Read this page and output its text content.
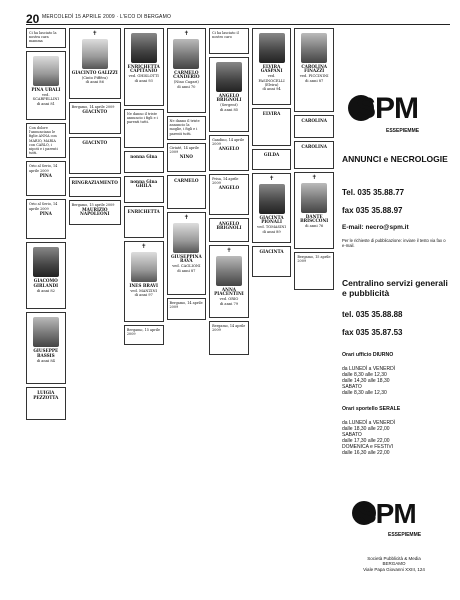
20 MERCOLEDÌ 15 APRILE 2009 · L'ECO DI BERGAMO

Ci ha lasciato la nostra cara mamma

PINA UBALI
ved. SCARPELLINI
di anni 81

Con dolore l'annunciano le figlie ANNA con MARIO, MARIA con CARLO, i nipoti e i parenti tutti.

Orio al Serio, 14 aprile 2009

PINA

Orio al Serio, 14 aprile 2009

PINA
GIACOMO GIRLANDI
di anni 82
GIUSEPPE BASSIS
di anni 84
LUIGIA PEZZOTTA
✝
GIACINTO GALIZZI
(Cinto Pifféra)
di anni 86

Bergamo, 14 aprile 2009

GIACINTO
GIACINTO
RINGRAZIAMENTO

Bergamo, 15 aprile 2009

MAURIZIO NAPOLEONI
ENRICHETTA CAPITANIO
ved. GHISLOTTI
di anni 93

Ne danno il triste annuncio i figli e i parenti tutti.

nonna Gina
nonna Gina GHILA
ENRICHETTA
✝
INES BRAVI
ved. MANZINI
di anni 97

Bergamo, 15 aprile 2009

✝
CARMELO CANDERIO
(Nino Cagari)
di anni 70

Ne danno il triste annuncio la moglie, i figli e i parenti tutti.

Ciriaté, 14 aprile 2009

NINO
CARMELO
✝
GIUSEPPINA RAVA
ved. CAGLIONI
di anni 87

Bergamo, 14 aprile 2009

Ci ha lasciato il nostro caro

ANGELO BRIGNOLI
(Sergent)
di anni 85

Gandino, 14 aprile 2009

ANGELO

Prisa, 14 aprile 2009

ANGELO
ANGELO BRIGNOLI
✝
ANNA PIACENTINI
ved. ORIO
di anni 79

Bergamo, 14 aprile 2009

ELVIRA GASPANI
ved. PASINOCELLI (Elvira)
di anni 94
ELVIRA
GILDA
✝
GIACINTA PIONALI
ved. TOMASINI
di anni 89
GIACINTA
CAROLINA FINAZZI
ved. PICCININI
di anni 87
CAROLINA
CAROLINA
✝
DANTE BRISCCONI
di anni 76

Bergamo, 15 aprile 2009

SPM
ESSEPIEMME
ANNUNCI e NECROLOGIE
Tel. 035 35.88.77
fax 035 35.88.97
E-mail: necro@spm.it
Per le richieste di pubblicazione: inviare il testo via fax o e-mail.
Centralino servizi generali e pubblicità
tel. 035 35.88.88
fax 035 35.87.53
Orari ufficio DIURNO
da LUNEDÌ a VENERDÌ
dalle 8,30 alle 12,30
dalle 14,30 alle 18,30
SABATO
dalle 8,30 alle 12,30
Orari sportello SERALE
da LUNEDÌ a VENERDÌ
dalle 18,30 alle 22,00
SABATO
dalle 17,30 alle 22,00
DOMENICA e FESTIVI
dalle 16,30 alle 22,00
SPM
ESSEPIEMME
Società Pubblicità & Media
BERGAMO
Viale Papa Giovanni XXIII, 124
